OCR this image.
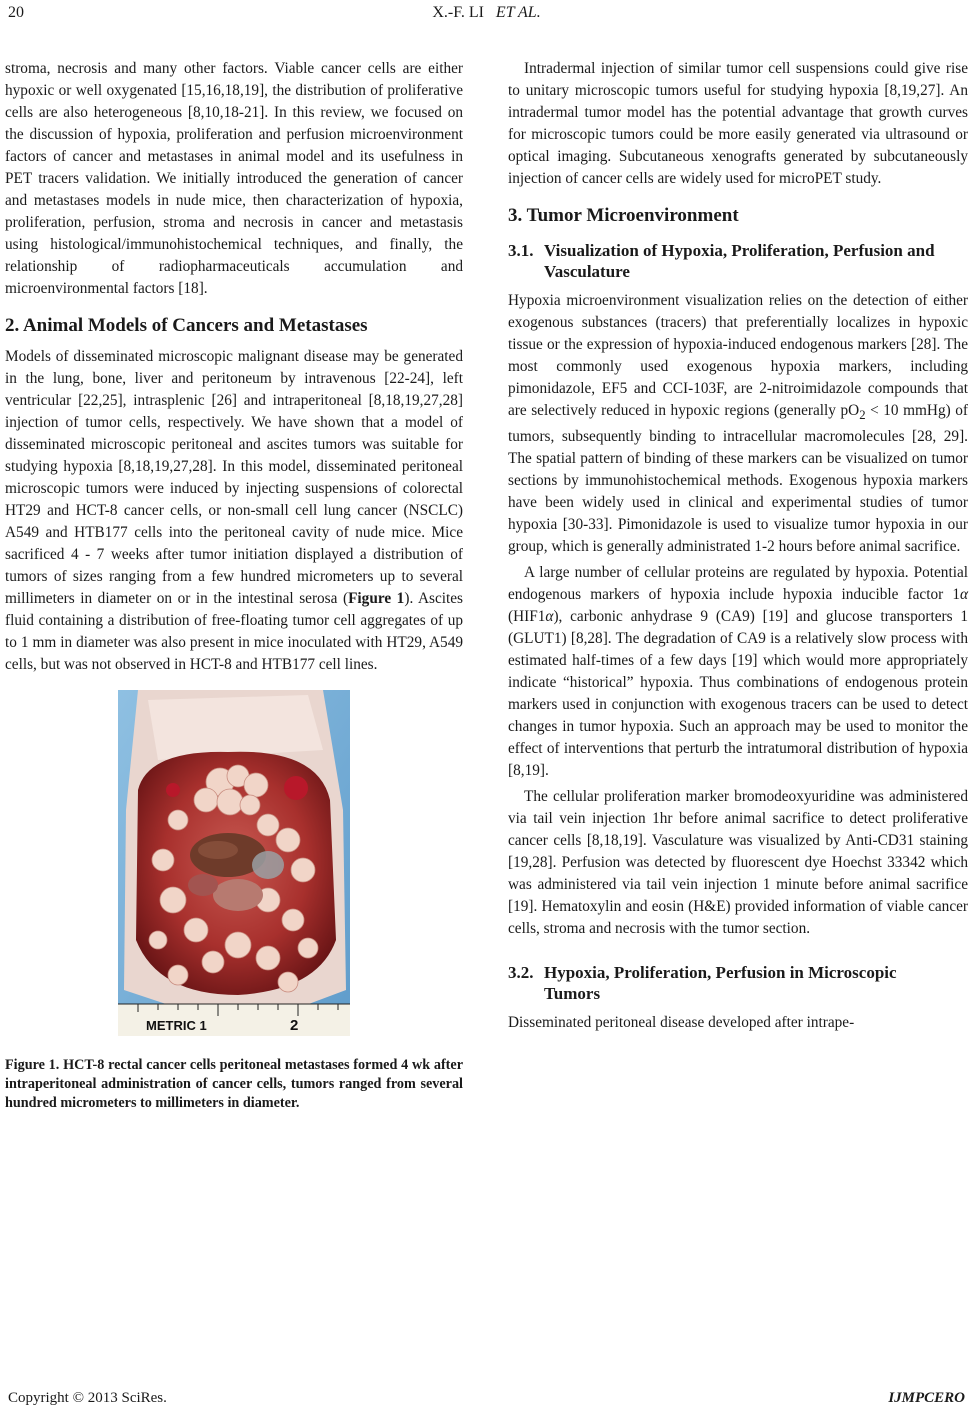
20	X.-F. LI ET AL.

stroma, necrosis and many other factors. Viable cancer cells are either hypoxic or well oxygenated [15,16,18,19], the distribution of proliferative cells are also heterogeneous [8,10,18-21]. In this review, we focused on the discussion of hypoxia, proliferation and perfusion microenvironment factors of cancer and metastases in animal model and its usefulness in PET tracers validation. We initially introduced the generation of cancer and metastases models in nude mice, then characterization of hypoxia, proliferation, perfusion, stroma and necrosis in cancer and metastasis using histological/immunohistochemical techniques, and finally, the relationship of radiopharmaceuticals accumulation and microenvironmental factors [18].

2. Animal Models of Cancers and Metastases

Models of disseminated microscopic malignant disease may be generated in the lung, bone, liver and peritoneum by intravenous [22-24], left ventricular [22,25], intrasplenic [26] and intraperitoneal [8,18,19,27,28] injection of tumor cells, respectively. We have shown that a model of disseminated microscopic peritoneal and ascites tumors was suitable for studying hypoxia [8,18,19,27,28]. In this model, disseminated peritoneal microscopic tumors were induced by injecting suspensions of colorectal HT29 and HCT-8 cancer cells, or non-small cell lung cancer (NSCLC) A549 and HTB177 cells into the peritoneal cavity of nude mice. Mice sacrificed 4 - 7 weeks after tumor initiation displayed a distribution of tumors of sizes ranging from a few hundred micrometers up to several millimeters in diameter on or in the intestinal serosa (Figure 1). Ascites fluid containing a distribution of free-floating tumor cell aggregates of up to 1 mm in diameter was also present in mice inoculated with HT29, A549 cells, but was not observed in HCT-8 and HTB177 cell lines.

METRIC 1	2
Figure 1. HCT-8 rectal cancer cells peritoneal metastases formed 4 wk after intraperitoneal administration of cancer cells, tumors ranged from several hundred micrometers to millimeters in diameter.

Intradermal injection of similar tumor cell suspensions could give rise to unitary microscopic tumors useful for studying hypoxia [8,19,27]. An intradermal tumor model has the potential advantage that growth curves for microscopic tumors could be more easily generated via ultrasound or optical imaging. Subcutaneous xenografts generated by subcutaneously injection of cancer cells are widely used for microPET study.

3. Tumor Microenvironment
3.1. Visualization of Hypoxia, Proliferation, Perfusion and Vasculature

Hypoxia microenvironment visualization relies on the detection of either exogenous substances (tracers) that preferentially localizes in hypoxic tissue or the expression of hypoxia-induced endogenous markers [28]. The most commonly used exogenous hypoxia markers, including pimonidazole, EF5 and CCI-103F, are 2-nitroimidazole compounds that are selectively reduced in hypoxic regions (generally $pO_2 < 10$ mmHg) of tumors, subsequently binding to intracellular macromolecules [28, 29]. The spatial pattern of binding of these markers can be visualized on tumor sections by immunohistochemical methods. Exogenous hypoxia markers have been widely used in clinical and experimental studies of tumor hypoxia [30-33]. Pimonidazole is used to visualize tumor hypoxia in our group, which is generally administrated 1-2 hours before animal sacrifice.

A large number of cellular proteins are regulated by hypoxia. Potential endogenous markers of hypoxia include hypoxia inducible factor 1α (HIF1α), carbonic anhydrase 9 (CA9) [19] and glucose transporters 1 (GLUT1) [8,28]. The degradation of CA9 is a relatively slow process with estimated half-times of a few days [19] which would more appropriately indicate “historical” hypoxia. Thus combinations of endogenous protein markers used in conjunction with exogenous tracers can be used to detect changes in tumor hypoxia. Such an approach may be used to monitor the effect of interventions that perturb the intratumoral distribution of hypoxia [8,19].

The cellular proliferation marker bromodeoxyuridine was administered via tail vein injection 1hr before animal sacrifice to detect proliferative cancer cells [8,18,19]. Vasculature was visualized by Anti-CD31 staining [19,28]. Perfusion was detected by fluorescent dye Hoechst 33342 which was administered via tail vein injection 1 minute before animal sacrifice [19]. Hematoxylin and eosin (H&E) provided information of viable cancer cells, stroma and necrosis with the tumor section.

3.2. Hypoxia, Proliferation, Perfusion in Microscopic Tumors

Disseminated peritoneal disease developed after intrape-

Copyright © 2013 SciRes.	IJMPCERO
